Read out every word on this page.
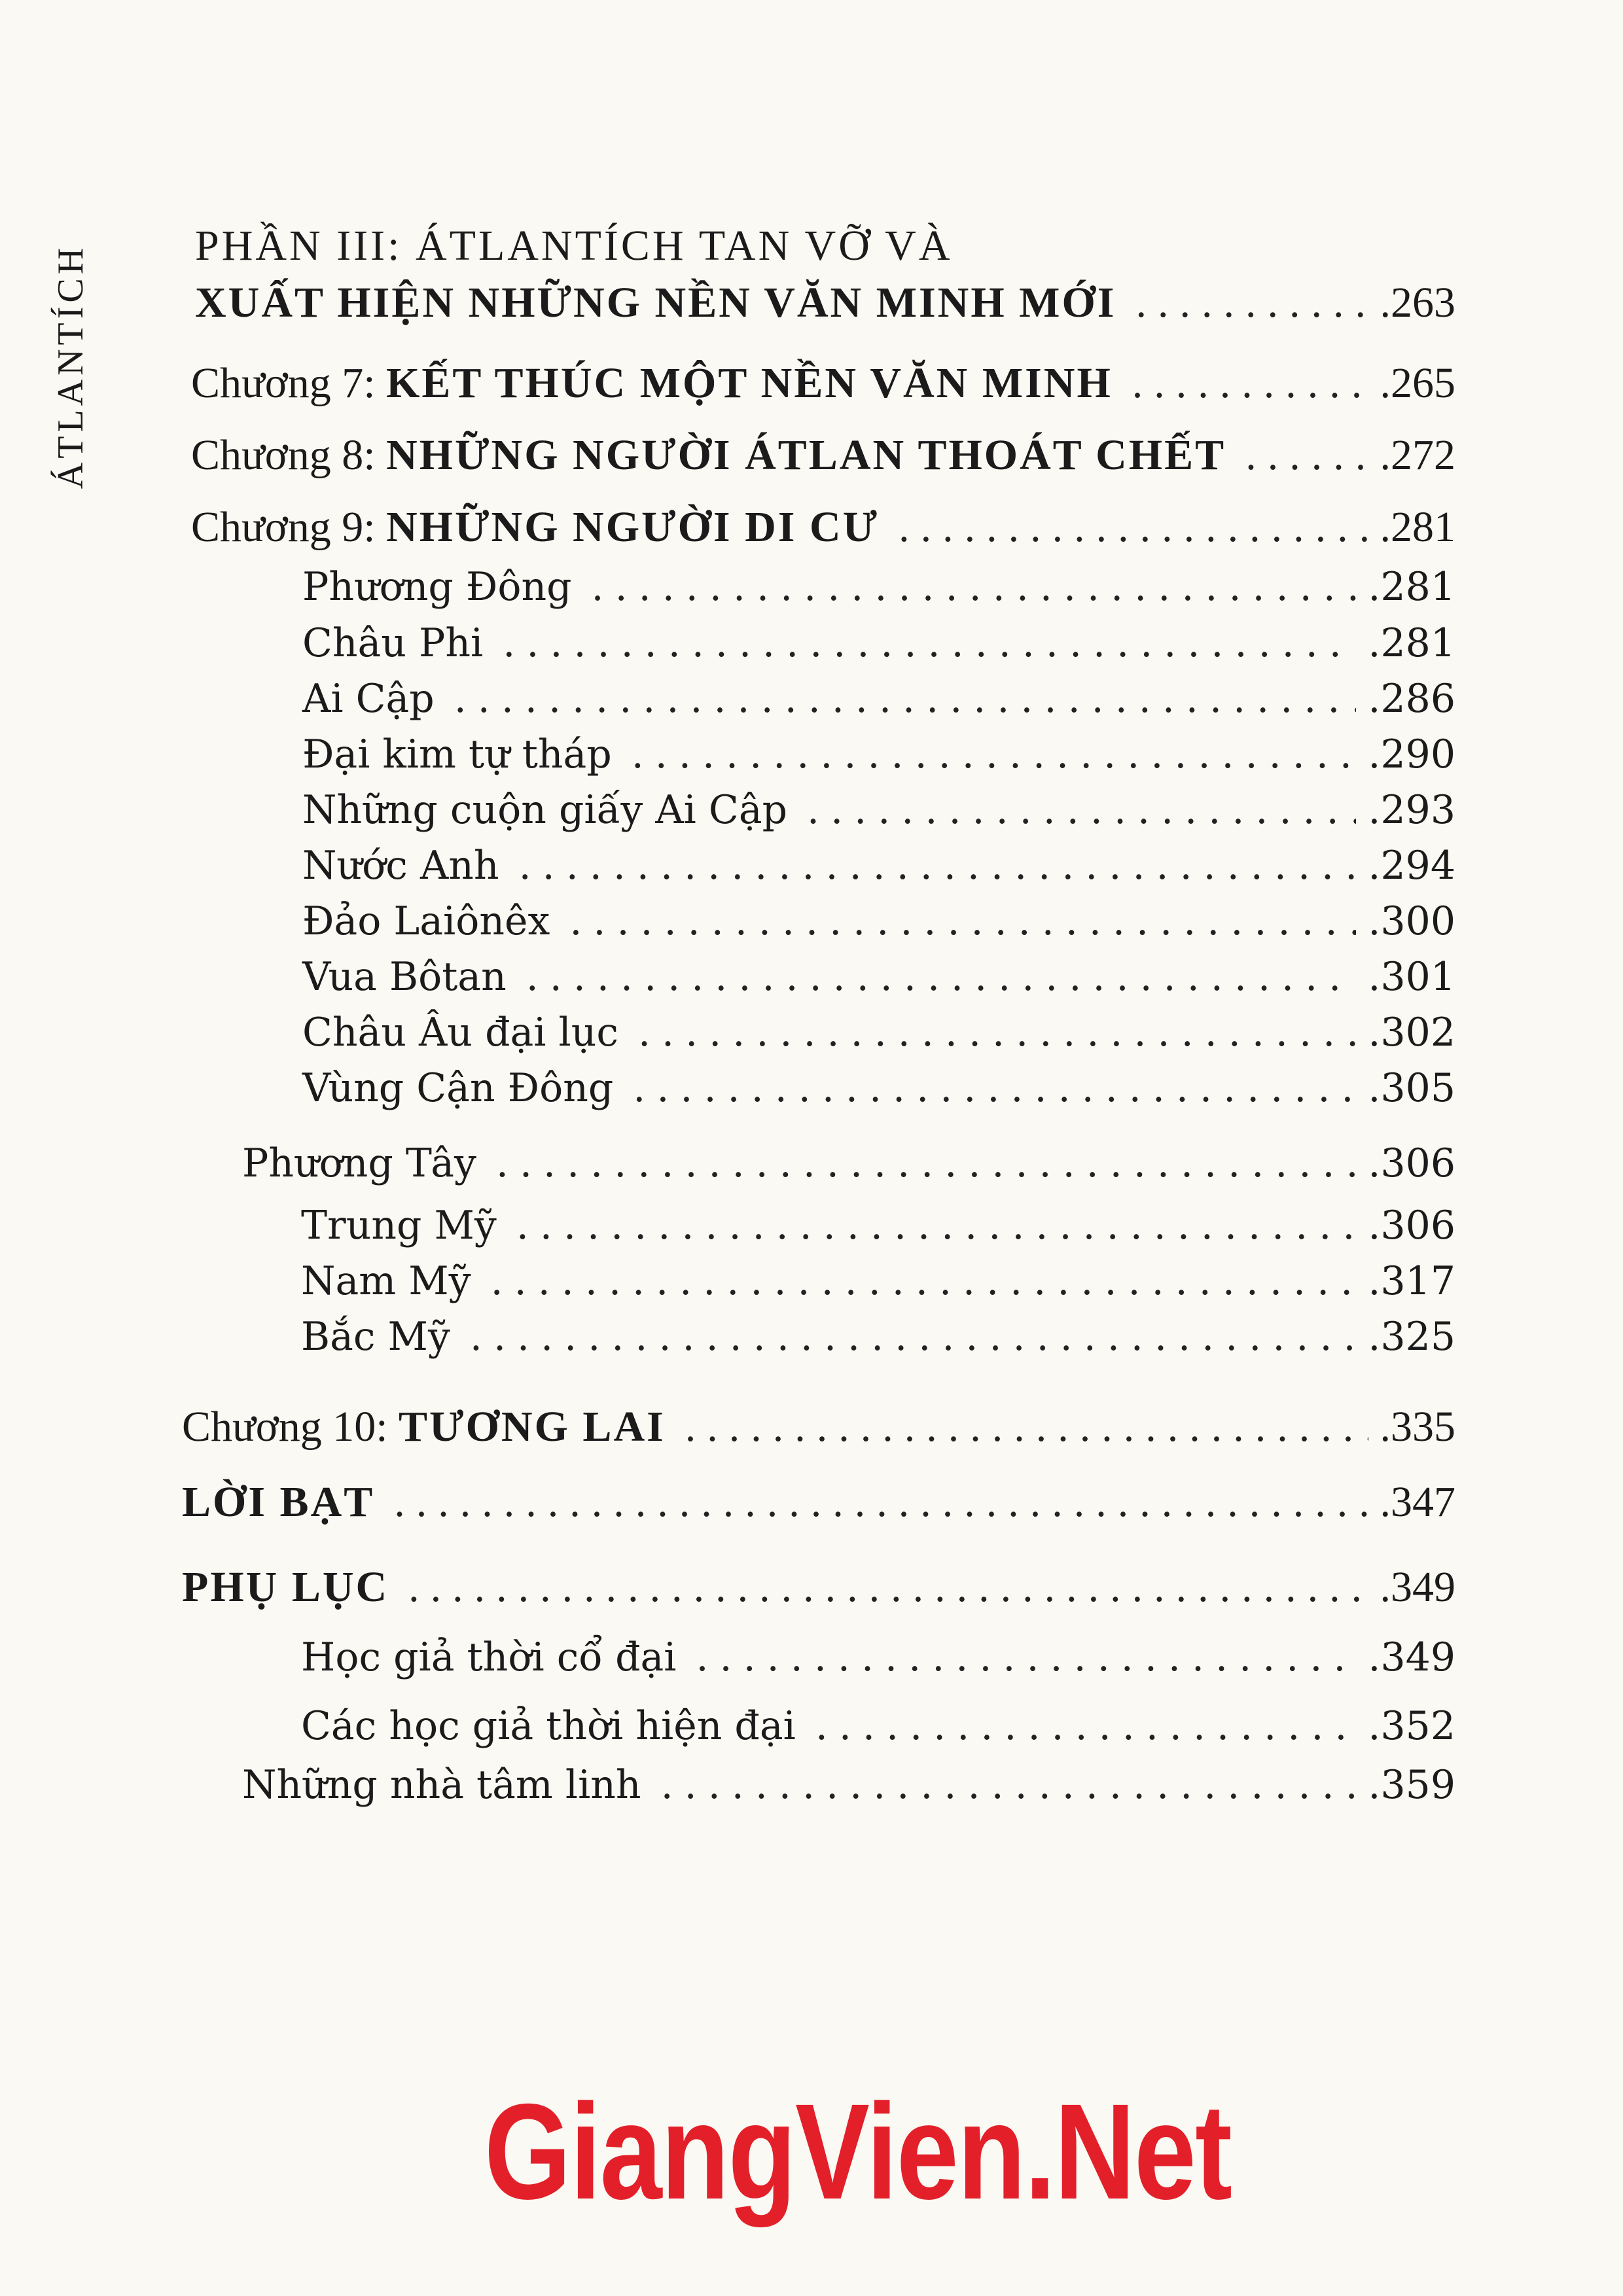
ÁTLANTÍCH PHẦN III: ÁTLANTÍCH TAN VỠ VÀ
XUẤT HIỆN NHỮNG NỀN VĂN MINH MỚI .....	.263
Chương 7: KẾT THÚC MỘT NỀN VĂN MINH .....	.265
Chương 8: NHỮNG NGƯỜI ÁTLAN THOÁT CHẾT .....	.272
Chương 9: NHỮNG NGƯỜI DI CƯ .....	.281
Phương Đông .....	.281
Châu Phi .....	.281
Ai Cập .....	.286
Đại kim tự tháp .....	.290
Những cuộn giấy Ai Cập .....	.293
Nước Anh .....	.294
Đảo Laiônêx .....	.300
Vua Bôtan .....	.301
Châu Âu đại lục .....	.302
Vùng Cận Đông .....	.305
Phương Tây .....	.306
Trung Mỹ .....	.306
Nam Mỹ .....	.317
Bắc Mỹ .....	.325
Chương 10: TƯƠNG LAI .....	.335
LỜI BẠT .....	.347
PHỤ LỤC .....	.349
Học giả thời cổ đại .....	.349
Các học giả thời hiện đại .....	.352
Những nhà tâm linh .....	.359
GiangVien.Net
